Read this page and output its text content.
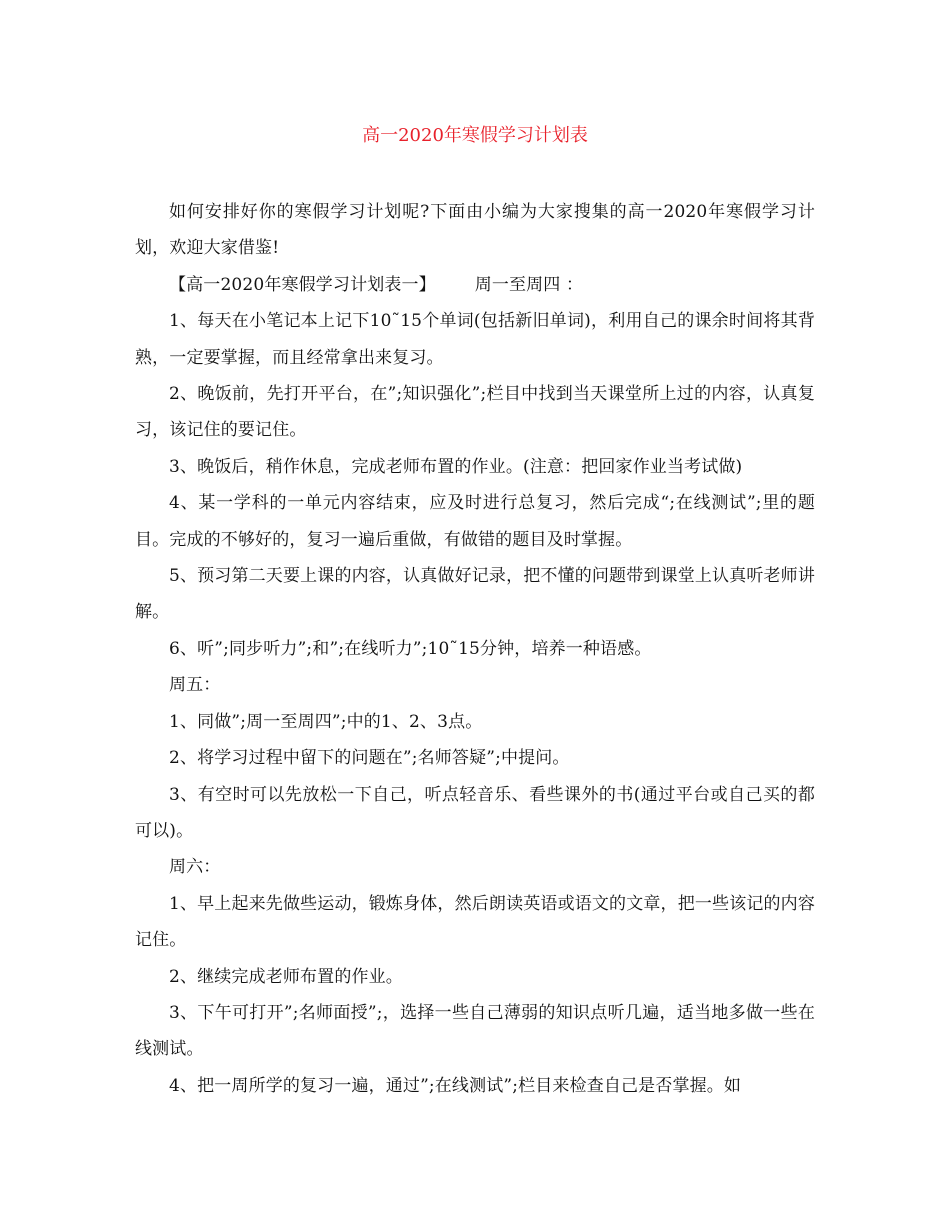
高一2020年寒假学习计划表

如何安排好你的寒假学习计划呢?下面由小编为大家搜集的高一2020年寒假学习计划，欢迎大家借鉴!

【高一2020年寒假学习计划表一】       周一至周四 ：

1、每天在小笔记本上记下10˜15个单词(包括新旧单词)，利用自己的课余时间将其背熟，一定要掌握，而且经常拿出来复习。

2、晚饭前，先打开平台，在”;知识强化”;栏目中找到当天课堂所上过的内容，认真复习，该记住的要记住。

3、晚饭后，稍作休息，完成老师布置的作业。(注意：把回家作业当考试做)

4、某一学科的一单元内容结束，应及时进行总复习，然后完成“;在线测试”;里的题目。完成的不够好的，复习一遍后重做，有做错的题目及时掌握。

5、预习第二天要上课的内容，认真做好记录，把不懂的问题带到课堂上认真听老师讲解。

6、听”;同步听力”;和”;在线听力”;10˜15分钟，培养一种语感。

周五：

1、同做”;周一至周四”;中的1、2、3点。

2、将学习过程中留下的问题在”;名师答疑”;中提问。

3、有空时可以先放松一下自己，听点轻音乐、看些课外的书(通过平台或自己买的都可以)。

周六：

1、早上起来先做些运动，锻炼身体，然后朗读英语或语文的文章，把一些该记的内容记住。

2、继续完成老师布置的作业。

3、下午可打开”;名师面授”;，选择一些自己薄弱的知识点听几遍，适当地多做一些在线测试。

4、把一周所学的复习一遍，通过”;在线测试”;栏目来检查自己是否掌握。如
